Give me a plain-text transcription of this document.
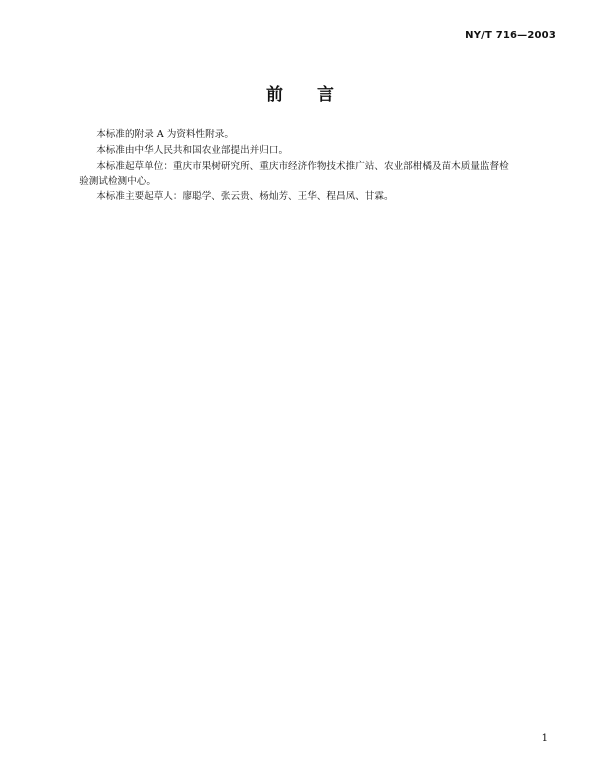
NY/T 716—2003
前 言

本标准的附录 A 为资料性附录。

本标准由中华人民共和国农业部提出并归口。

本标准起草单位：重庆市果树研究所、重庆市经济作物技术推广站、农业部柑橘及苗木质量监督检
验测试检测中心。

本标准主要起草人：廖聪学、张云贵、杨灿芳、王华、程昌凤、甘霖。

1
